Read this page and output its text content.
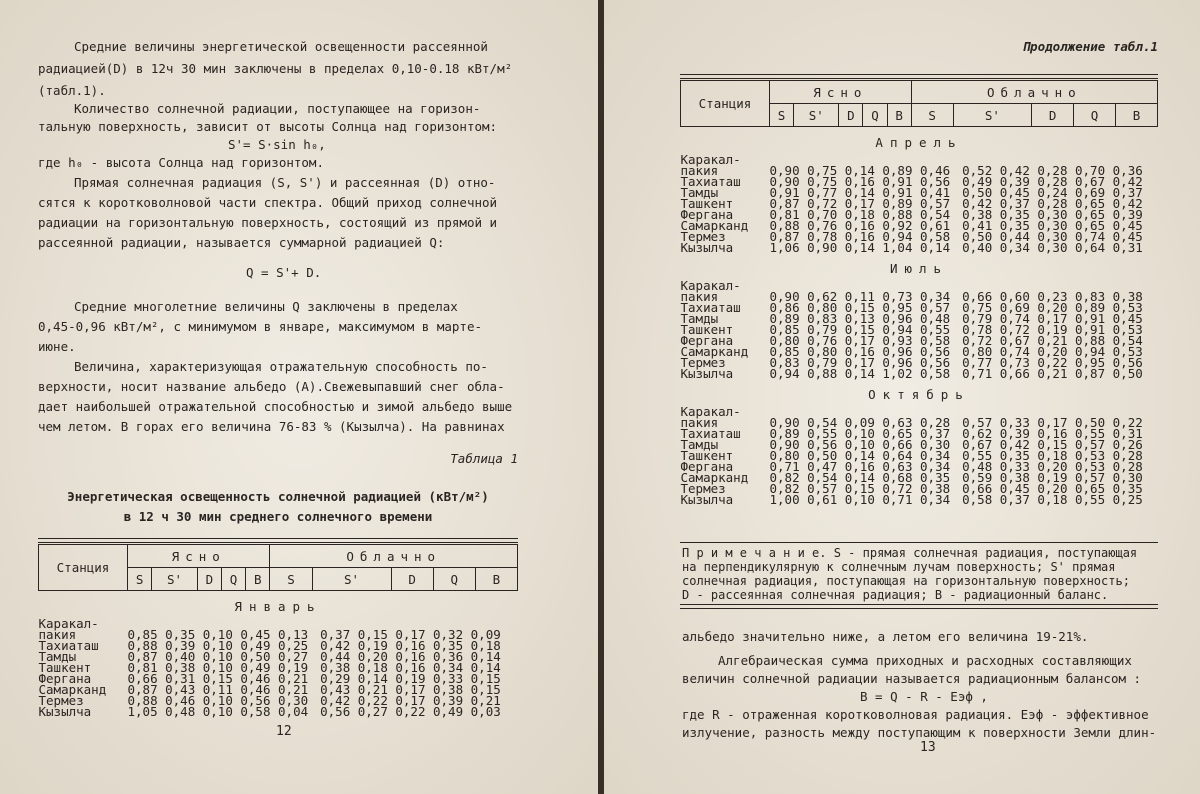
Средние величины энергетической освещенности рассеянной
радиацией(D) в 12ч 30 мин заключены в пределах 0,10-0.18 кВт/м²
(табл.1).
Количество солнечной радиации, поступающее на горизон-
тальную поверхность, зависит от высоты Солнца над горизонтом:
S'= S·sin h₀,
где h₀ - высота Солнца над горизонтом.
Прямая солнечная радиация (S, S') и рассеянная (D) отно-
сятся к коротковолновой части спектра. Общий приход солнечной
радиации на горизонтальную поверхность, состоящий из прямой и
рассеянной радиации, называется суммарной радиацией Q:
Q = S'+ D.
Средние многолетние величины Q заключены в пределах
0,45-0,96 кВт/м², с минимумом в январе, максимумом в марте-
июне.
Величина, характеризующая отражательную способность по-
верхности, носит название альбедо (А).Свежевыпавший снег обла-
дает наибольшей отражательной способностью и зимой альбедо выше
чем летом. В горах его величина 76-83 % (Кызылча). На равнинах
Таблица 1
Энергетическая освещенность солнечной радиацией (кВт/м²)
в 12 ч 30 мин среднего солнечного времени
Станция	Ясно					Облачно				
	S	S'	D	Q	B	S	S'	D	Q	B
Январь										

Каракал-
пакия	0,85 0,35 0,10 0,45 0,13 0,37 0,15 0,17 0,32 0,09									

Тахиаташ	0,88 0,39 0,10 0,49 0,25 0,42 0,19 0,16 0,35 0,18									

Тамды	0,87 0,40 0,10 0,50 0,27 0,44 0,20 0,16 0,36 0,14									

Ташкент	0,81 0,38 0,10 0,49 0,19 0,38 0,18 0,16 0,34 0,14									

Фергана	0,66 0,31 0,15 0,46 0,21 0,29 0,14 0,19 0,33 0,15									

Самарканд	0,87 0,43 0,11 0,46 0,21 0,43 0,21 0,17 0,38 0,15									

Термез	0,88 0,46 0,10 0,56 0,30 0,42 0,22 0,17 0,39 0,21									

Кызылча	1,05 0,48 0,10 0,58 0,04 0,56 0,27 0,22 0,49 0,03									
12
Продолжение табл.1
Станция	Ясно					Облачно				
	S	S'	D	Q	B	S	S'	D	Q	B
Апрель										

Каракал-
пакия	0,90 0,75 0,14 0,89 0,46 0,52 0,42 0,28 0,70 0,36									

Тахиаташ	0,90 0,75 0,16 0,91 0,56 0,49 0,39 0,28 0,67 0,42									

Тамды	0,91 0,77 0,14 0,91 0,41 0,50 0,45 0,24 0,69 0,37									

Ташкент	0,87 0,72 0,17 0,89 0,57 0,42 0,37 0,28 0,65 0,42									

Фергана	0,81 0,70 0,18 0,88 0,54 0,38 0,35 0,30 0,65 0,39									

Самарканд	0,88 0,76 0,16 0,92 0,61 0,41 0,35 0,30 0,65 0,45									

Термез	0,87 0,78 0,16 0,94 0,58 0,50 0,44 0,30 0,74 0,45									

Кызылча	1,06 0,90 0,14 1,04 0,14 0,40 0,34 0,30 0,64 0,31									
Июль										

Каракал-
пакия	0,90 0,62 0,11 0,73 0,34 0,66 0,60 0,23 0,83 0,38									

Тахиаташ	0,86 0,80 0,15 0,95 0,57 0,75 0,69 0,20 0,89 0,53									

Тамды	0,89 0,83 0,13 0,96 0,48 0,79 0,74 0,17 0,91 0,45									

Ташкент	0,85 0,79 0,15 0,94 0,55 0,78 0,72 0,19 0,91 0,53									

Фергана	0,80 0,76 0,17 0,93 0,58 0,72 0,67 0,21 0,88 0,54									

Самарканд	0,85 0,80 0,16 0,96 0,56 0,80 0,74 0,20 0,94 0,53									

Термез	0,83 0,79 0,17 0,96 0,56 0,77 0,73 0,22 0,95 0,56									

Кызылча	0,94 0,88 0,14 1,02 0,58 0,71 0,66 0,21 0,87 0,50									
Октябрь										

Каракал-
пакия	0,90 0,54 0,09 0,63 0,28 0,57 0,33 0,17 0,50 0,22									

Тахиаташ	0,89 0,55 0,10 0,65 0,37 0,62 0,39 0,16 0,55 0,31									

Тамды	0,90 0,56 0,10 0,66 0,30 0,67 0,42 0,15 0,57 0,26									

Ташкент	0,80 0,50 0,14 0,64 0,34 0,55 0,35 0,18 0,53 0,28									

Фергана	0,71 0,47 0,16 0,63 0,34 0,48 0,33 0,20 0,53 0,28									

Самарканд	0,82 0,54 0,14 0,68 0,35 0,59 0,38 0,19 0,57 0,30									

Термез	0,82 0,57 0,15 0,72 0,38 0,66 0,45 0,20 0,65 0,35									

Кызылча	1,00 0,61 0,10 0,71 0,34 0,58 0,37 0,18 0,55 0,25									
П р и м е ч а н и е. S - прямая солнечная радиация, поступающая
на перпендикулярную к солнечным лучам поверхность; S' прямая
солнечная радиация, поступающая на горизонтальную поверхность;
D - рассеянная солнечная радиация; B - радиационный баланс.
альбедо значительно ниже, а летом его величина 19-21%.
Алгебраическая сумма приходных и расходных составляющих
величин солнечной радиации называется радиационным балансом :
B = Q - R - Eэф ,
где R - отраженная коротковолновая радиация. Eэф - эффективное
излучение, разность между поступающим к поверхности Земли длин-
13
